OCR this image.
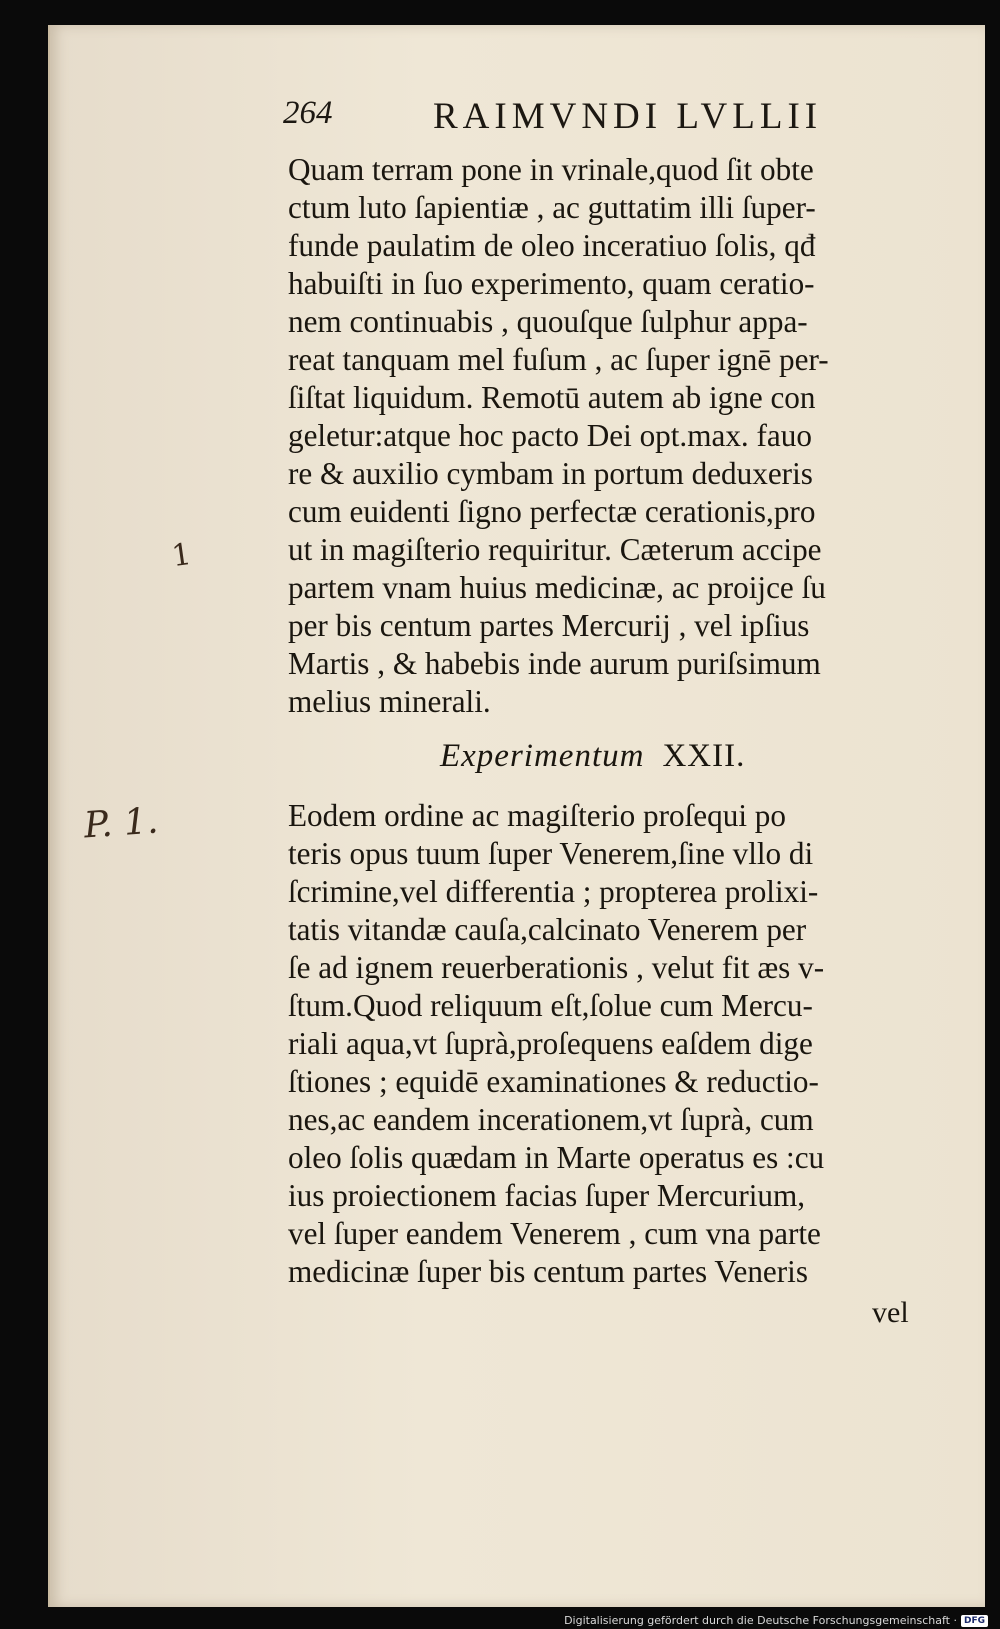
264	RAIMVNDI LVLLII
Quam terram pone in vrinale,quod ſit obte
ctum luto ſapientiæ , ac guttatim illi ſuper-
funde paulatim de oleo inceratiuo ſolis, qđ
habuiſti in ſuo experimento, quam ceratio-
nem continuabis , quouſque ſulphur appa-
reat tanquam mel fuſum , ac ſuper ignē per-
ſiſtat liquidum. Remotū autem ab igne con
geletur:atque hoc pacto Dei opt.max. fauo
re & auxilio cymbam in portum deduxeris
cum euidenti ſigno perfectæ cerationis,pro
ut in magiſterio requiritur. Cæterum accipe
partem vnam huius medicinæ, ac proijce ſu
per bis centum partes Mercurij , vel ipſius
Martis , & habebis inde aurum puriſsimum
melius minerali.
Experimentum XXII.
Eodem ordine ac magiſterio proſequi po
teris opus tuum ſuper Venerem,ſine vllo di
ſcrimine,vel differentia ; propterea prolixi-
tatis vitandæ cauſa,calcinato Venerem per
ſe ad ignem reuerberationis , velut fit æs v-
ſtum.Quod reliquum eſt,ſolue cum Mercu-
riali aqua,vt ſuprà,proſequens eaſdem dige
ſtiones ; equidē examinationes & reductio-
nes,ac eandem incerationem,vt ſuprà, cum
oleo ſolis quædam in Marte operatus es :cu
ius proiectionem facias ſuper Mercurium,
vel ſuper eandem Venerem , cum vna parte
medicinæ ſuper bis centum partes Veneris
vel
1
P. 1.
Digitalisierung gefördert durch die Deutsche Forschungsgemeinschaft · DFG
